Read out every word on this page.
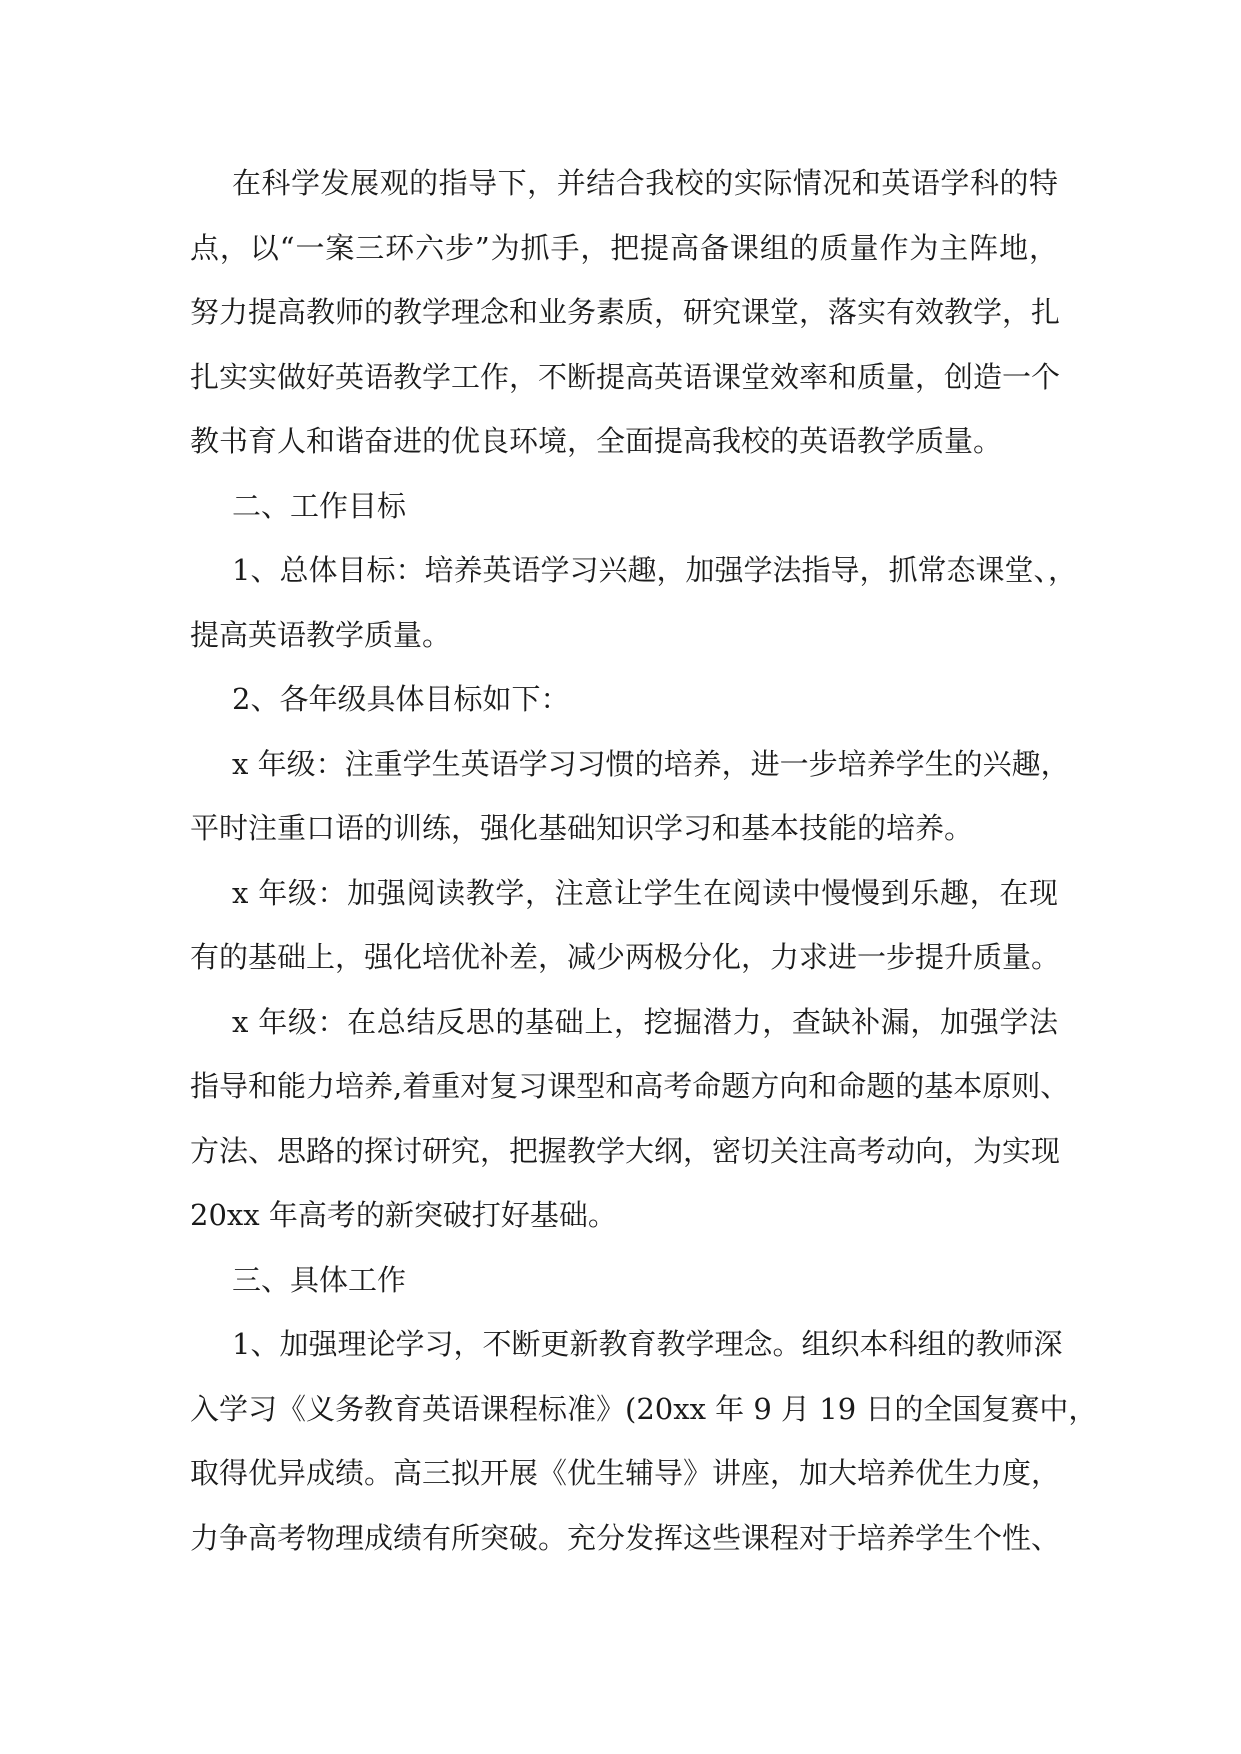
在科学发展观的指导下，并结合我校的实际情况和英语学科的特
点，以“一案三环六步”为抓手，把提高备课组的质量作为主阵地，
努力提高教师的教学理念和业务素质，研究课堂，落实有效教学，扎
扎实实做好英语教学工作，不断提高英语课堂效率和质量，创造一个
教书育人和谐奋进的优良环境，全面提高我校的英语教学质量。
二、工作目标
1、总体目标：培养英语学习兴趣，加强学法指导，抓常态课堂、，
提高英语教学质量。
2、各年级具体目标如下：
x 年级：注重学生英语学习习惯的培养，进一步培养学生的兴趣，
平时注重口语的训练，强化基础知识学习和基本技能的培养。
x 年级：加强阅读教学，注意让学生在阅读中慢慢到乐趣，在现
有的基础上，强化培优补差，减少两极分化，力求进一步提升质量。
x 年级：在总结反思的基础上，挖掘潜力，查缺补漏，加强学法
指导和能力培养,着重对复习课型和高考命题方向和命题的基本原则、
方法、思路的探讨研究，把握教学大纲，密切关注高考动向，为实现
20xx 年高考的新突破打好基础。
三、具体工作
1、加强理论学习，不断更新教育教学理念。组织本科组的教师深
入学习《义务教育英语课程标准》(20xx 年 9 月 19 日的全国复赛中，
取得优异成绩。高三拟开展《优生辅导》讲座，加大培养优生力度，
力争高考物理成绩有所突破。充分发挥这些课程对于培养学生个性、
